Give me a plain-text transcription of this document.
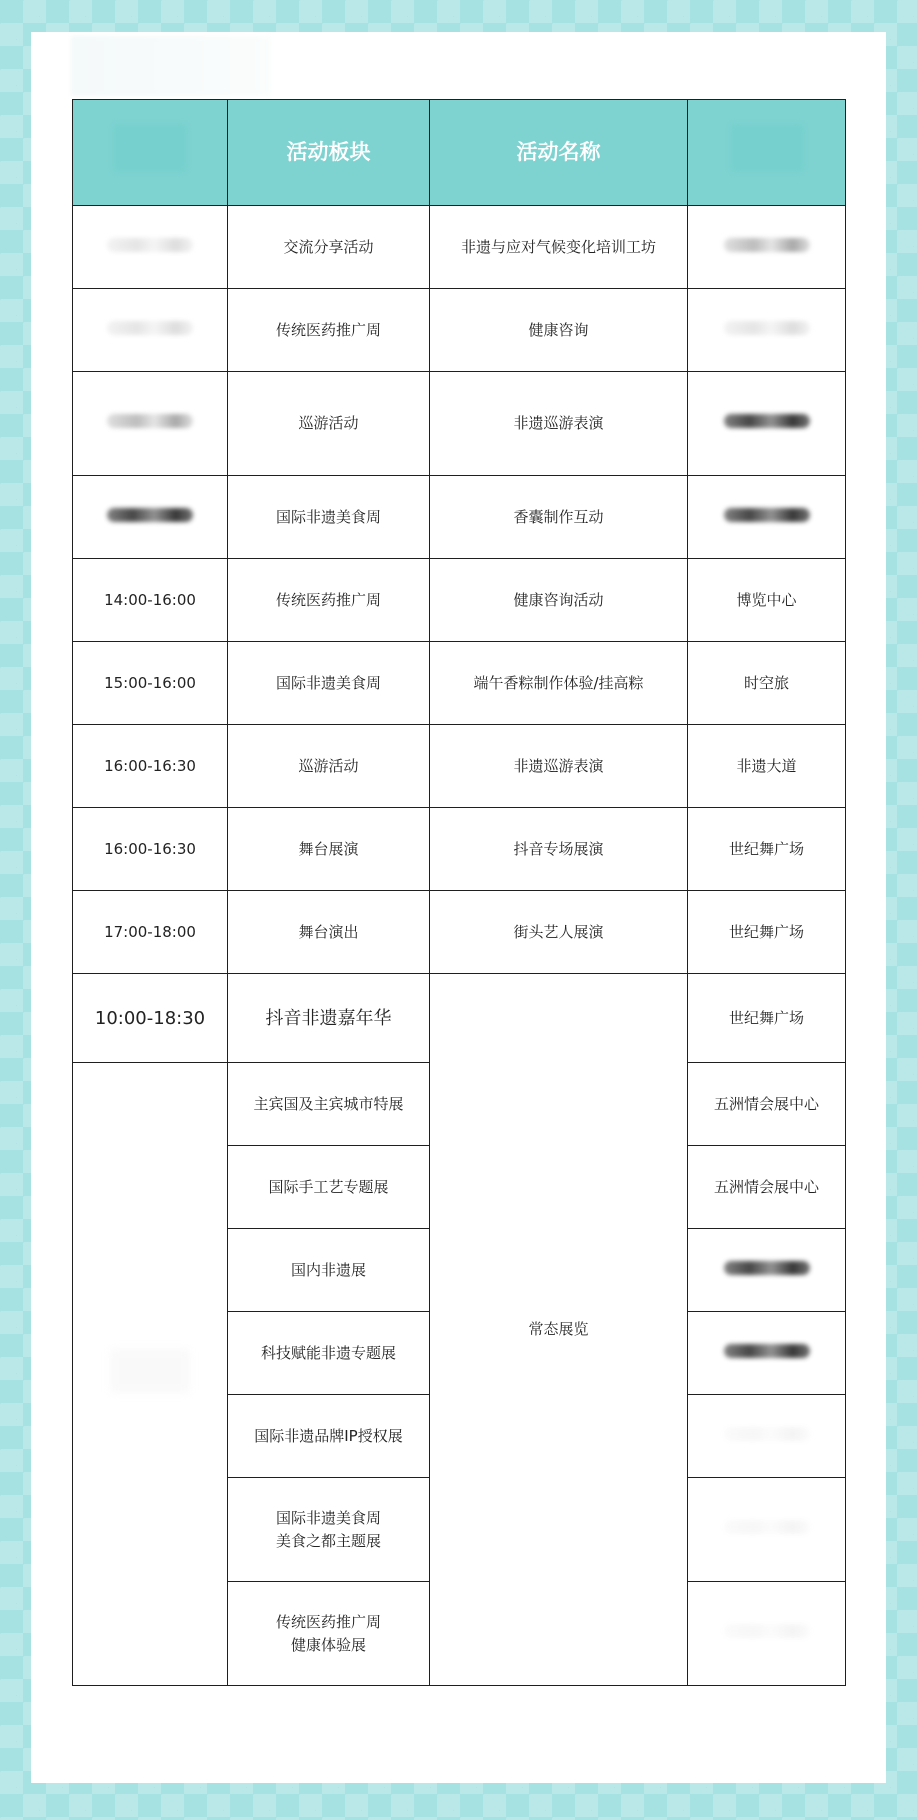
	活动板块	活动名称	
	交流分享活动	非遗与应对气候变化培训工坊	
	传统医药推广周	健康咨询	
	巡游活动	非遗巡游表演	
	国际非遗美食周	香囊制作互动	
14:00-16:00	传统医药推广周	健康咨询活动	博览中心
15:00-16:00	国际非遗美食周	端午香粽制作体验/挂高粽	时空旅
16:00-16:30	巡游活动	非遗巡游表演	非遗大道
16:00-16:30	舞台展演	抖音专场展演	世纪舞广场
17:00-18:00	舞台演出	街头艺人展演	世纪舞广场
10:00-18:30	抖音非遗嘉年华	常态展览	世纪舞广场
	主宾国及主宾城市特展		五洲情会展中心
	国际手工艺专题展		五洲情会展中心
	国内非遗展		
	科技赋能非遗专题展		
	国际非遗品牌IP授权展		

	国际非遗美食周
美食之都主题展		

	传统医药推广周
健康体验展		
